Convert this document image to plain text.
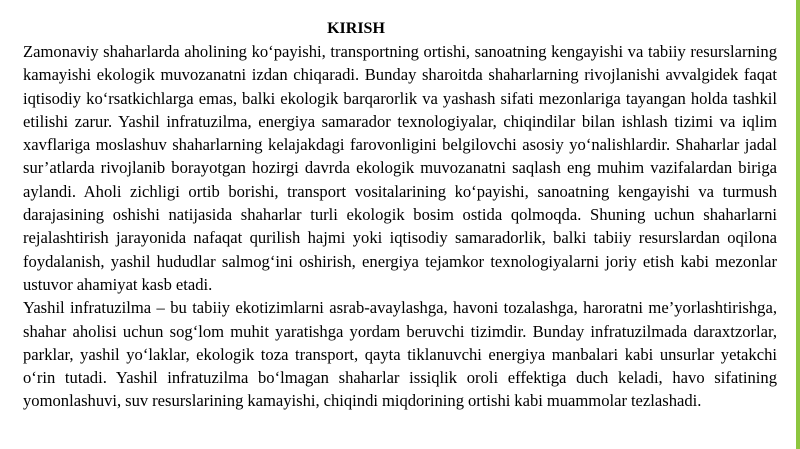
KIRISH

Zamonaviy shaharlarda aholining ko‘payishi, transportning ortishi, sanoatning kengayishi va tabiiy resurslarning kamayishi ekologik muvozanatni izdan chiqaradi. Bunday sharoitda shaharlarning rivojlanishi avvalgidek faqat iqtisodiy ko‘rsatkichlarga emas, balki ekologik barqarorlik va yashash sifati mezonlariga tayangan holda tashkil etilishi zarur. Yashil infratuzilma, energiya samarador texnologiyalar, chiqindilar bilan ishlash tizimi va iqlim xavflariga moslashuv shaharlarning kelajakdagi farovonligini belgilovchi asosiy yo‘nalishlardir. Shaharlar jadal sur’atlarda rivojlanib borayotgan hozirgi davrda ekologik muvozanatni saqlash eng muhim vazifalardan biriga aylandi. Aholi zichligi ortib borishi, transport vositalarining ko‘payishi, sanoatning kengayishi va turmush darajasining oshishi natijasida shaharlar turli ekologik bosim ostida qolmoqda. Shuning uchun shaharlarni rejalashtirish jarayonida nafaqat qurilish hajmi yoki iqtisodiy samaradorlik, balki tabiiy resurslardan oqilona foydalanish, yashil hududlar salmog‘ini oshirish, energiya tejamkor texnologiyalarni joriy etish kabi mezonlar ustuvor ahamiyat kasb etadi.

Yashil infratuzilma – bu tabiiy ekotizimlarni asrab-avaylashga, havoni tozalashga, haroratni me’yorlashtirishga, shahar aholisi uchun sog‘lom muhit yaratishga yordam beruvchi tizimdir. Bunday infratuzilmada daraxtzorlar, parklar, yashil yo‘laklar, ekologik toza transport, qayta tiklanuvchi energiya manbalari kabi unsurlar yetakchi o‘rin tutadi. Yashil infratuzilma bo‘lmagan shaharlar issiqlik oroli effektiga duch keladi, havo sifatining yomonlashuvi, suv resurslarining kamayishi, chiqindi miqdorining ortishi kabi muammolar tezlashadi.
